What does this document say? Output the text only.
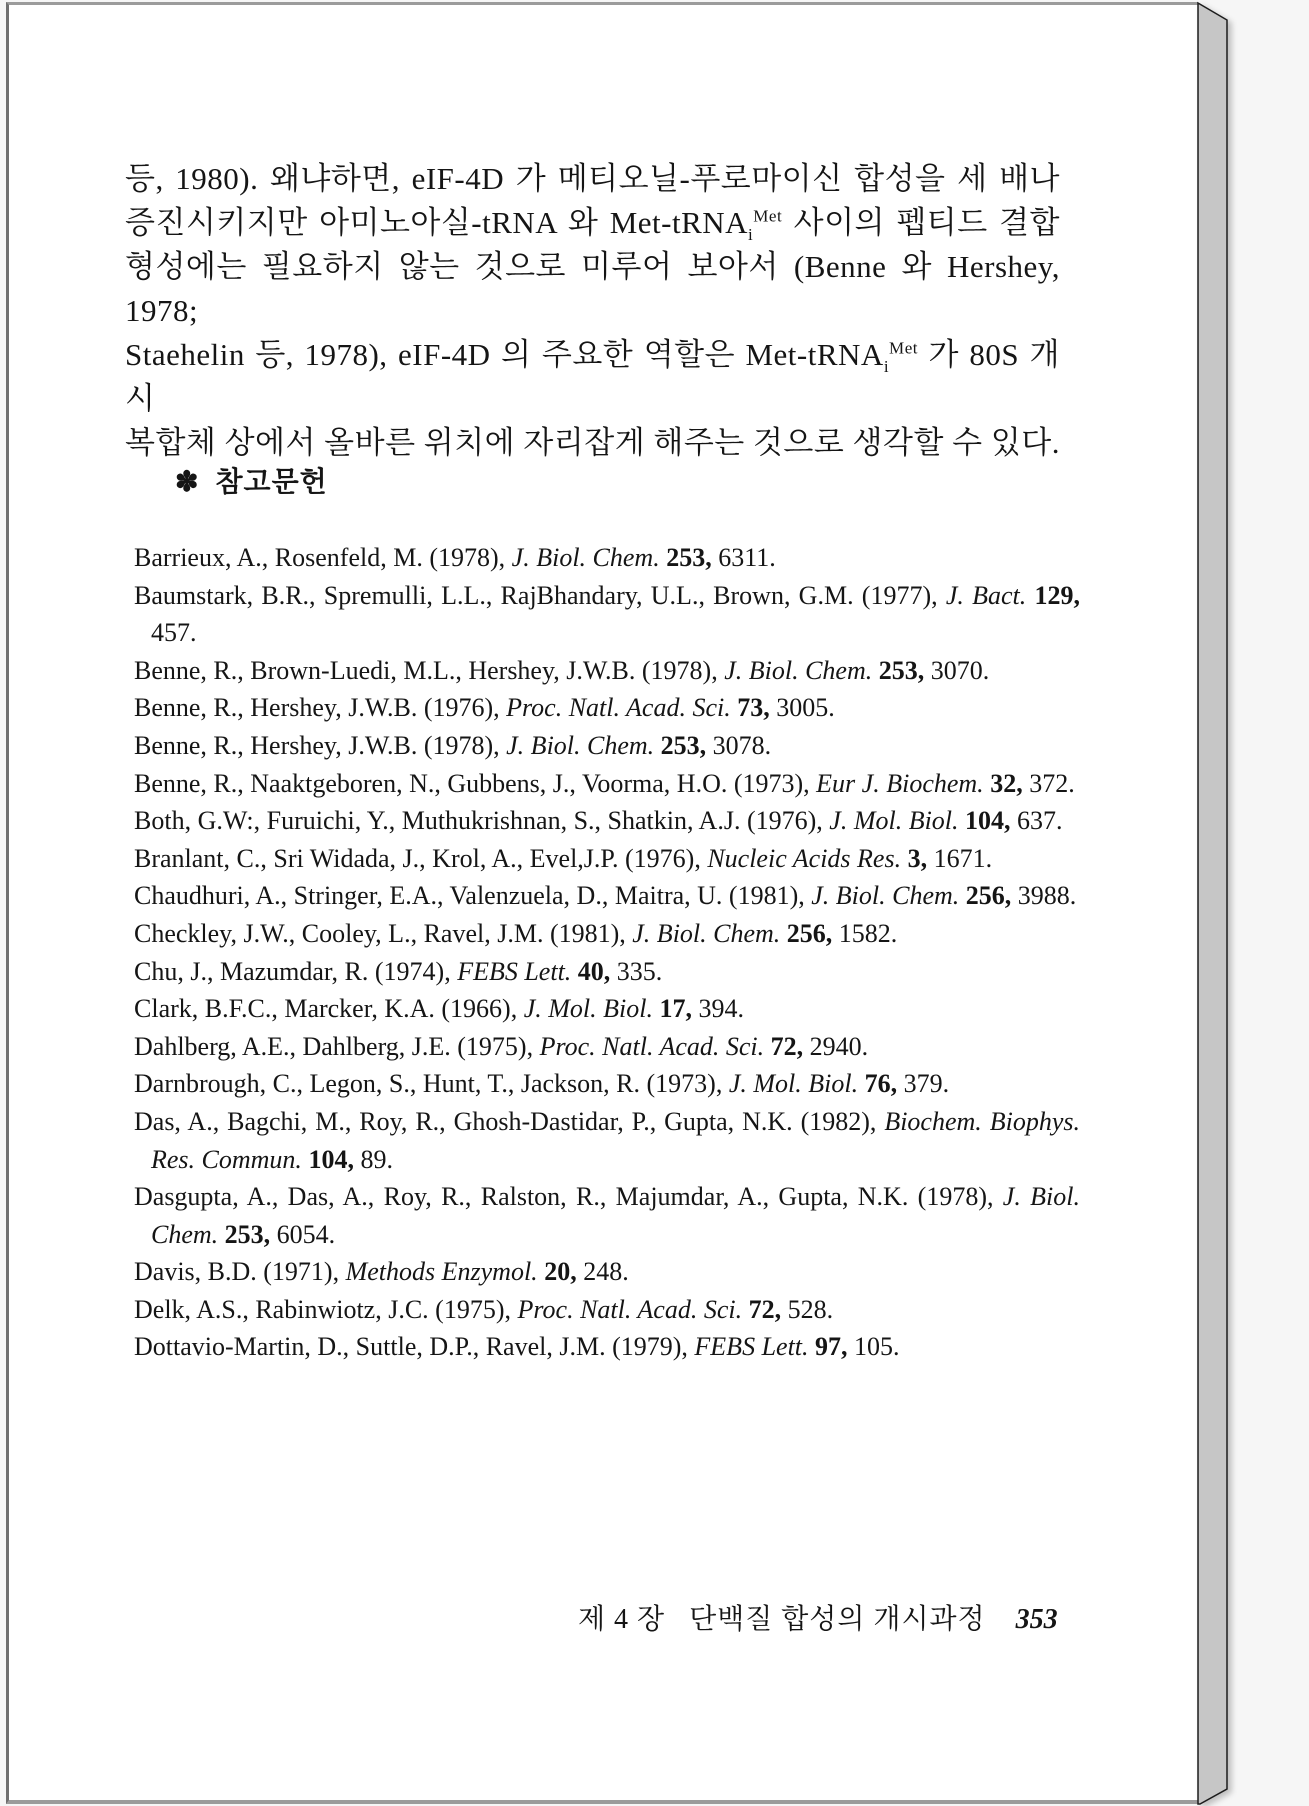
등, 1980). 왜냐하면, eIF-4D 가 메티오닐-푸로마이신 합성을 세 배나
증진시키지만 아미노아실-tRNA 와 Met-tRNA$_i^{Met}$ 사이의 펩티드 결합
형성에는 필요하지 않는 것으로 미루어 보아서 (Benne 와 Hershey, 1978;
Staehelin 등, 1978), eIF-4D 의 주요한 역할은 Met-tRNA$_i^{Met}$ 가 80S 개시
복합체 상에서 올바른 위치에 자리잡게 해주는 것으로 생각할 수 있다.
✽ 참고문헌

Barrieux, A., Rosenfeld, M. (1978), J. Biol. Chem. 253, 6311.

Baumstark, B.R., Spremulli, L.L., RajBhandary, U.L., Brown, G.M. (1977), J. Bact. 129, 457.

Benne, R., Brown-Luedi, M.L., Hershey, J.W.B. (1978), J. Biol. Chem. 253, 3070.

Benne, R., Hershey, J.W.B. (1976), Proc. Natl. Acad. Sci. 73, 3005.

Benne, R., Hershey, J.W.B. (1978), J. Biol. Chem. 253, 3078.

Benne, R., Naaktgeboren, N., Gubbens, J., Voorma, H.O. (1973), Eur J. Biochem. 32, 372.

Both, G.W:, Furuichi, Y., Muthukrishnan, S., Shatkin, A.J. (1976), J. Mol. Biol. 104, 637.

Branlant, C., Sri Widada, J., Krol, A., Evel,J.P. (1976), Nucleic Acids Res. 3, 1671.

Chaudhuri, A., Stringer, E.A., Valenzuela, D., Maitra, U. (1981), J. Biol. Chem. 256, 3988.

Checkley, J.W., Cooley, L., Ravel, J.M. (1981), J. Biol. Chem. 256, 1582.

Chu, J., Mazumdar, R. (1974), FEBS Lett. 40, 335.

Clark, B.F.C., Marcker, K.A. (1966), J. Mol. Biol. 17, 394.

Dahlberg, A.E., Dahlberg, J.E. (1975), Proc. Natl. Acad. Sci. 72, 2940.

Darnbrough, C., Legon, S., Hunt, T., Jackson, R. (1973), J. Mol. Biol. 76, 379.

Das, A., Bagchi, M., Roy, R., Ghosh-Dastidar, P., Gupta, N.K. (1982), Biochem. Biophys. Res. Commun. 104, 89.

Dasgupta, A., Das, A., Roy, R., Ralston, R., Majumdar, A., Gupta, N.K. (1978), J. Biol. Chem. 253, 6054.

Davis, B.D. (1971), Methods Enzymol. 20, 248.

Delk, A.S., Rabinwiotz, J.C. (1975), Proc. Natl. Acad. Sci. 72, 528.

Dottavio-Martin, D., Suttle, D.P., Ravel, J.M. (1979), FEBS Lett. 97, 105.

제 4 장 단백질 합성의 개시과정 353
